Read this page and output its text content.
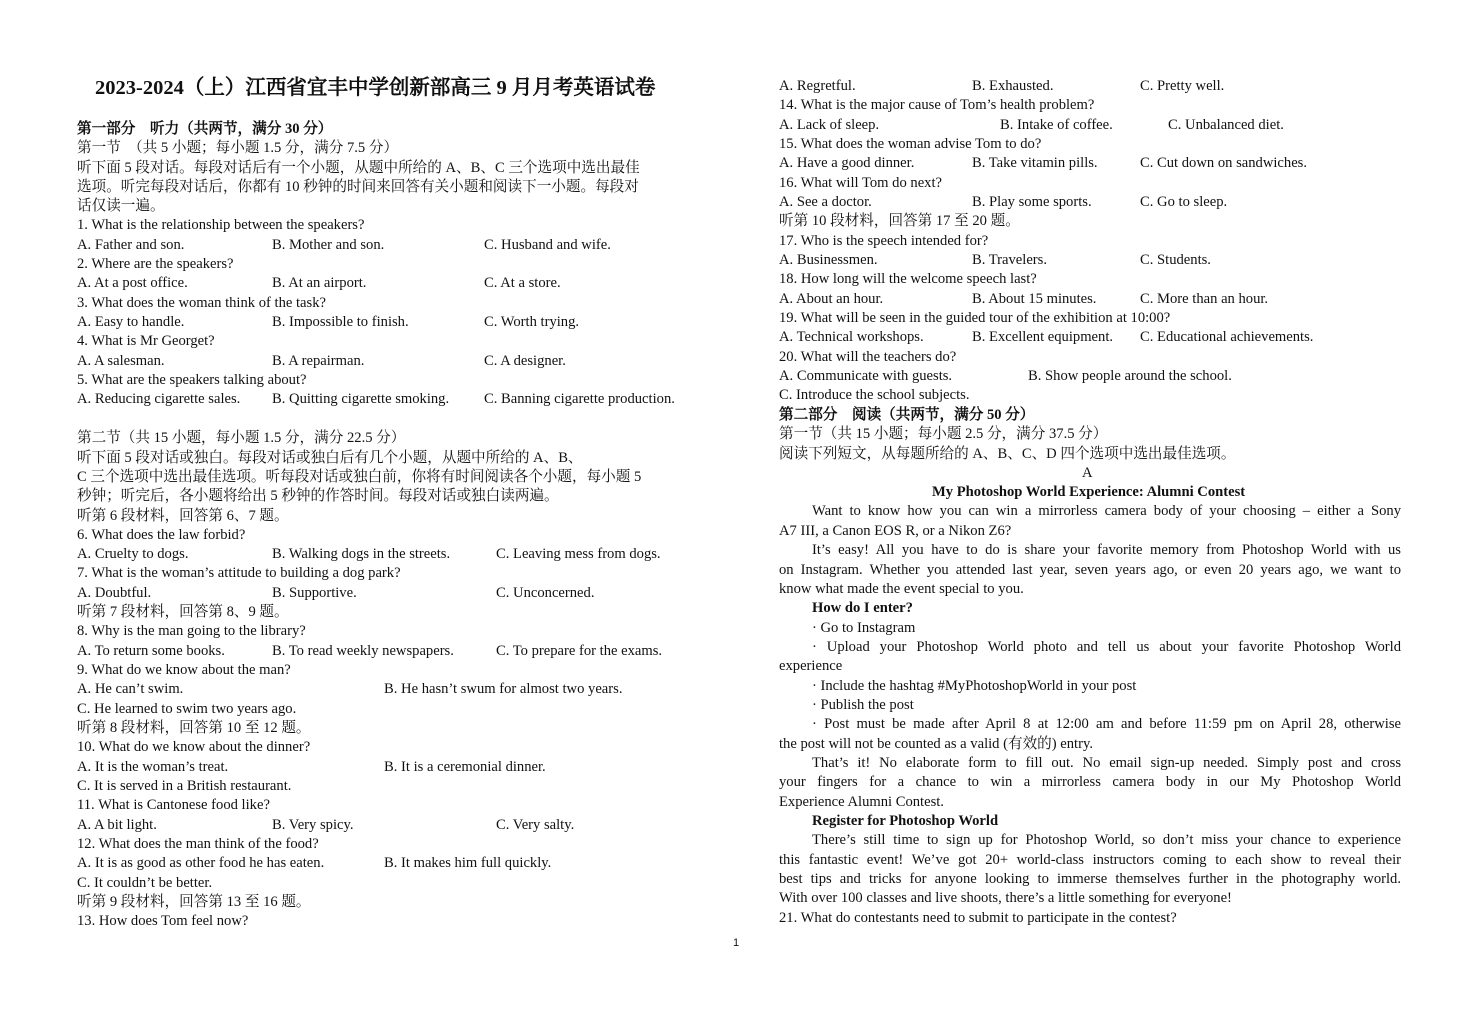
2023-2024（上）江西省宜丰中学创新部高三 9 月月考英语试卷
第一部分　听力（共两节，满分 30 分）
第一节　（共 5 小题；每小题 1.5 分，满分 7.5 分）
听下面 5 段对话。每段对话后有一个小题，从题中所给的 A、B、C 三个选项中选出最佳
选项。听完每段对话后，你都有 10 秒钟的时间来回答有关小题和阅读下一小题。每段对
话仅读一遍。
1. What is the relationship between the speakers?
A. Father and son.	B. Mother and son.	C. Husband and wife.
2. Where are the speakers?
A. At a post office.	B. At an airport.	C. At a store.
3. What does the woman think of the task?
A. Easy to handle.	B. Impossible to finish.	C. Worth trying.
4. What is Mr Georget?
A. A salesman.	B. A repairman.	C. A designer.
5. What are the speakers talking about?
A. Reducing cigarette sales. B. Quitting cigarette smoking. C. Banning cigarette production.
第二节（共 15 小题，每小题 1.5 分，满分 22.5 分）
听下面 5 段对话或独白。每段对话或独白后有几个小题，从题中所给的 A、B、
C 三个选项中选出最佳选项。听每段对话或独白前，你将有时间阅读各个小题，每小题 5
秒钟；听完后，各小题将给出 5 秒钟的作答时间。每段对话或独白读两遍。
听第 6 段材料，回答第 6、7 题。
6. What does the law forbid?
A. Cruelty to dogs.	B. Walking dogs in the streets.	C. Leaving mess from dogs.
7. What is the woman’s attitude to building a dog park?
A. Doubtful.	B. Supportive.	C. Unconcerned.
听第 7 段材料，回答第 8、9 题。
8. Why is the man going to the library?
A. To return some books.	B. To read weekly newspapers.	C. To prepare for the exams.
9. What do we know about the man?
A. He can’t swim.	B. He hasn’t swum for almost two years.
C. He learned to swim two years ago.
听第 8 段材料，回答第 10 至 12 题。
10. What do we know about the dinner?
A. It is the woman’s treat.	B. It is a ceremonial dinner.
C. It is served in a British restaurant.
11. What is Cantonese food like?
A. A bit light.	B. Very spicy.	C. Very salty.
12. What does the man think of the food?
A. It is as good as other food he has eaten.	B. It makes him full quickly.
C. It couldn’t be better.
听第 9 段材料，回答第 13 至 16 题。
13. How does Tom feel now?
A. Regretful.	B. Exhausted.	C. Pretty well.
14. What is the major cause of Tom’s health problem?
A. Lack of sleep.	B. Intake of coffee.	C. Unbalanced diet.
15. What does the woman advise Tom to do?
A. Have a good dinner.	B. Take vitamin pills.	C. Cut down on sandwiches.
16. What will Tom do next?
A. See a doctor.	B. Play some sports.	C. Go to sleep.
听第 10 段材料，回答第 17 至 20 题。
17. Who is the speech intended for?
A. Businessmen.	B. Travelers.	C. Students.
18. How long will the welcome speech last?
A. About an hour.	B. About 15 minutes.	C. More than an hour.
19. What will be seen in the guided tour of the exhibition at 10:00?
A. Technical workshops.	B. Excellent equipment. C. Educational achievements.
20. What will the teachers do?
A. Communicate with guests.	B. Show people around the school.
C. Introduce the school subjects.
第二部分　阅读（共两节，满分 50 分）
第一节（共 15 小题；每小题 2.5 分，满分 37.5 分）
阅读下列短文，从每题所给的 A、B、C、D 四个选项中选出最佳选项。
A
My Photoshop World Experience: Alumni Contest
Want to know how you can win a mirrorless camera body of your choosing – either a Sony
A7 III, a Canon EOS R, or a Nikon Z6?
It’s easy! All you have to do is share your favorite memory from Photoshop World with us
on Instagram. Whether you attended last year, seven years ago, or even 20 years ago, we want to
know what made the event special to you.
How do I enter?
· Go to Instagram
· Upload your Photoshop World photo and tell us about your favorite Photoshop World
experience
· Include the hashtag #MyPhotoshopWorld in your post
· Publish the post
· Post must be made after April 8 at 12:00 am and before 11:59 pm on April 28, otherwise
the post will not be counted as a valid (有效的) entry.
That’s it! No elaborate form to fill out. No email sign-up needed. Simply post and cross
your fingers for a chance to win a mirrorless camera body in our My Photoshop World
Experience Alumni Contest.
Register for Photoshop World
There’s still time to sign up for Photoshop World, so don’t miss your chance to experience
this fantastic event! We’ve got 20+ world-class instructors coming to each show to reveal their
best tips and tricks for anyone looking to immerse themselves further in the photography world.
With over 100 classes and live shoots, there’s a little something for everyone!
21. What do contestants need to submit to participate in the contest?
1
